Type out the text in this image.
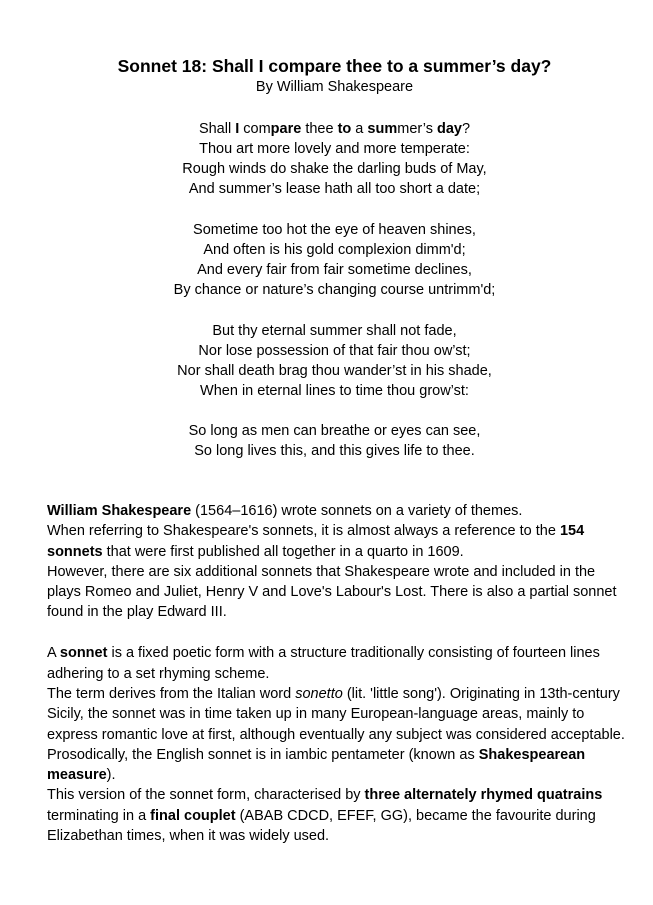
Sonnet 18: Shall I compare thee to a summer’s day?
By William Shakespeare
Shall I compare thee to a summer’s day?
Thou art more lovely and more temperate:
Rough winds do shake the darling buds of May,
And summer’s lease hath all too short a date;
Sometime too hot the eye of heaven shines,
And often is his gold complexion dimm'd;
And every fair from fair sometime declines,
By chance or nature’s changing course untrimm'd;
But thy eternal summer shall not fade,
Nor lose possession of that fair thou ow’st;
Nor shall death brag thou wander’st in his shade,
When in eternal lines to time thou grow’st:
So long as men can breathe or eyes can see,
So long lives this, and this gives life to thee.

William Shakespeare (1564–1616) wrote sonnets on a variety of themes.

When referring to Shakespeare's sonnets, it is almost always a reference to the 154 sonnets that were first published all together in a quarto in 1609.

However, there are six additional sonnets that Shakespeare wrote and included in the plays Romeo and Juliet, Henry V and Love's Labour's Lost. There is also a partial sonnet found in the play Edward III.

A sonnet is a fixed poetic form with a structure traditionally consisting of fourteen lines adhering to a set rhyming scheme.

The term derives from the Italian word sonetto (lit. 'little song'). Originating in 13th-century Sicily, the sonnet was in time taken up in many European-language areas, mainly to express romantic love at first, although eventually any subject was considered acceptable.

Prosodically, the English sonnet is in iambic pentameter (known as Shakespearean measure).

This version of the sonnet form, characterised by three alternately rhymed quatrains terminating in a final couplet (ABAB CDCD, EFEF, GG), became the favourite during Elizabethan times, when it was widely used.
